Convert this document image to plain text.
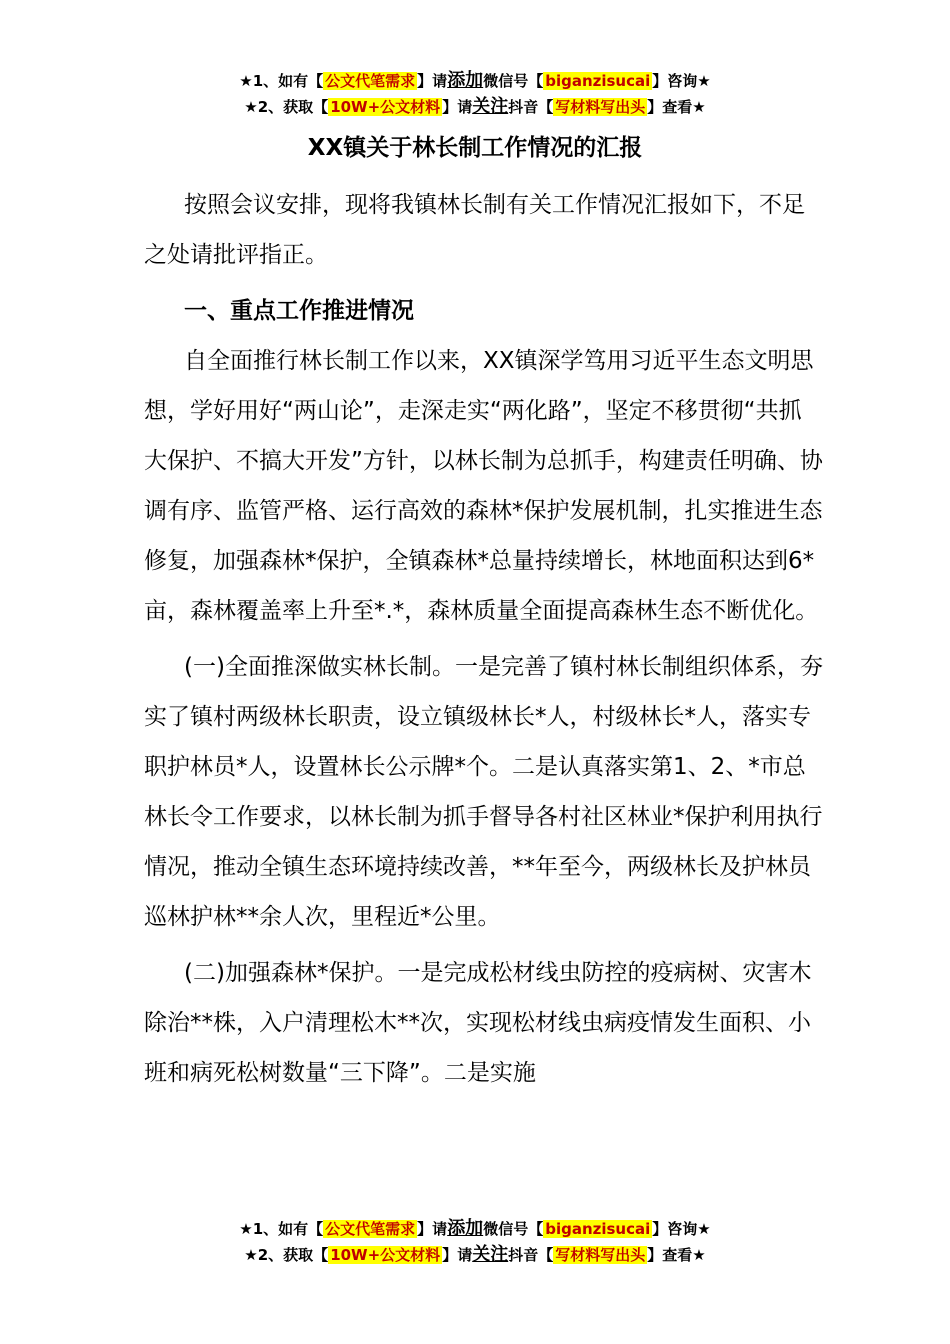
★1、如有【 公文代笔需求 】请添加微信号【 biganzisucai 】咨询★
★2、获取【 10W+公文材料 】请关注抖音【 写材料写出头 】查看★
XX镇关于林长制工作情况的汇报

按照会议安排，现将我镇林长制有关工作情况汇报如下，不足之处请批评指正。

一、重点工作推进情况

自全面推行林长制工作以来，XX镇深学笃用习近平生态文明思想，学好用好“两山论”，走深走实“两化路”，坚定不移贯彻“共抓大保护、不搞大开发”方针，以林长制为总抓手，构建责任明确、协调有序、监管严格、运行高效的森林*保护发展机制，扎实推进生态修复，加强森林*保护，全镇森林*总量持续增长，林地面积达到6*亩，森林覆盖率上升至*.*，森林质量全面提高森林生态不断优化。

(一)全面推深做实林长制。一是完善了镇村林长制组织体系，夯实了镇村两级林长职责，设立镇级林长*人，村级林长*人，落实专职护林员*人，设置林长公示牌*个。二是认真落实第1、2、*市总林长令工作要求，以林长制为抓手督导各村社区林业*保护利用执行情况，推动全镇生态环境持续改善，**年至今，两级林长及护林员巡林护林**余人次，里程近*公里。

(二)加强森林*保护。一是完成松材线虫防控的疫病树、灾害木除治**株，入户清理松木**次，实现松材线虫病疫情发生面积、小班和病死松树数量“三下降”。二是实施

★1、如有【 公文代笔需求 】请添加微信号【 biganzisucai 】咨询★
★2、获取【 10W+公文材料 】请关注抖音【 写材料写出头 】查看★
